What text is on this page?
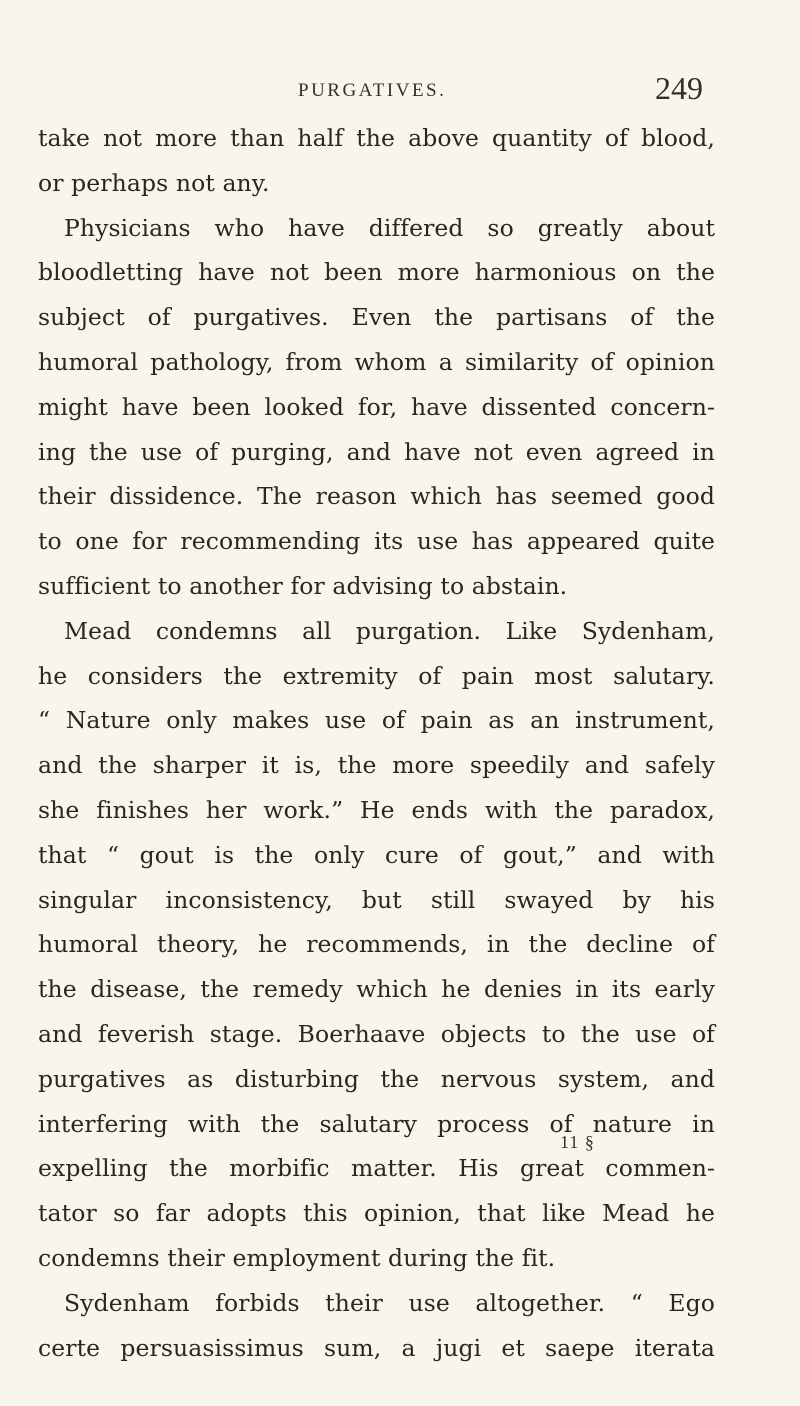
PURGATIVES.	249
take not more than half the above quantity of blood,
or perhaps not any.
Physicians who have differed so greatly about
bloodletting have not been more harmonious on the
subject of purgatives. Even the partisans of the
humoral pathology, from whom a similarity of opinion
might have been looked for, have dissented concern-
ing the use of purging, and have not even agreed in
their dissidence. The reason which has seemed good
to one for recommending its use has appeared quite
sufficient to another for advising to abstain.
Mead condemns all purgation. Like Sydenham,
he considers the extremity of pain most salutary.
“ Nature only makes use of pain as an instrument,
and the sharper it is, the more speedily and safely
she finishes her work.” He ends with the paradox,
that “ gout is the only cure of gout,” and with
singular inconsistency, but still swayed by his
humoral theory, he recommends, in the decline of
the disease, the remedy which he denies in its early
and feverish stage. Boerhaave objects to the use of
purgatives as disturbing the nervous system, and
interfering with the salutary process of nature in
expelling the morbific matter. His great commen-
tator so far adopts this opinion, that like Mead he
condemns their employment during the fit.
Sydenham forbids their use altogether. “ Ego
certe persuasissimus sum, a jugi et saepe iterata
11 §
